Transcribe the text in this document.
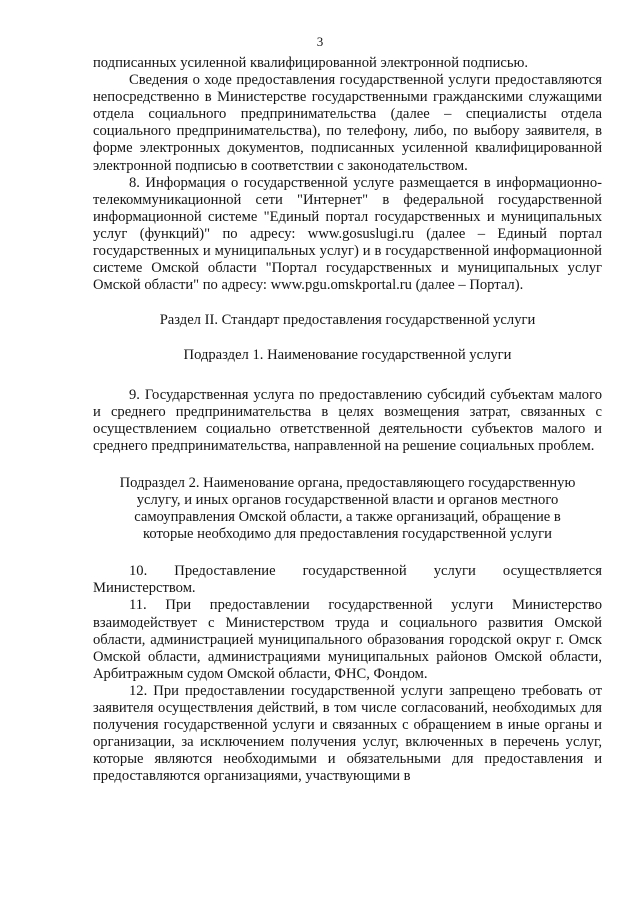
3

подписанных усиленной квалифицированной электронной подписью.

Сведения о ходе предоставления государственной услуги предоставляются непосредственно в Министерстве государственными гражданскими служащими отдела социального предпринимательства (далее – специалисты отдела социального предпринимательства), по телефону, либо, по выбору заявителя, в форме электронных документов, подписанных усиленной квалифицированной электронной подписью в соответствии с законодательством.

8. Информация о государственной услуге размещается в информационно-телекоммуникационной сети "Интернет" в федеральной государственной информационной системе "Единый портал государственных и муниципальных услуг (функций)" по адресу: www.gosuslugi.ru (далее – Единый портал государственных и муниципальных услуг) и в государственной информационной системе Омской области "Портал государственных и муниципальных услуг Омской области" по адресу: www.pgu.omskportal.ru (далее – Портал).

Раздел II. Стандарт предоставления государственной услуги

Подраздел 1. Наименование государственной услуги

9. Государственная услуга по предоставлению субсидий субъектам малого и среднего предпринимательства в целях возмещения затрат, связанных с осуществлением социально ответственной деятельности субъектов малого и среднего предпринимательства, направленной на решение социальных проблем.

Подраздел 2. Наименование органа, предоставляющего государственную услугу, и иных органов государственной власти и органов местного самоуправления Омской области, а также организаций, обращение в которые необходимо для предоставления государственной услуги

10. Предоставление государственной услуги осуществляется Министерством.

11. При предоставлении государственной услуги Министерство взаимодействует с Министерством труда и социального развития Омской области, администрацией муниципального образования городской округ г. Омск Омской области, администрациями муниципальных районов Омской области, Арбитражным судом Омской области, ФНС, Фондом.

12. При предоставлении государственной услуги запрещено требовать от заявителя осуществления действий, в том числе согласований, необходимых для получения государственной услуги и связанных с обращением в иные органы и организации, за исключением получения услуг, включенных в перечень услуг, которые являются необходимыми и обязательными для предоставления и предоставляются организациями, участвующими в
